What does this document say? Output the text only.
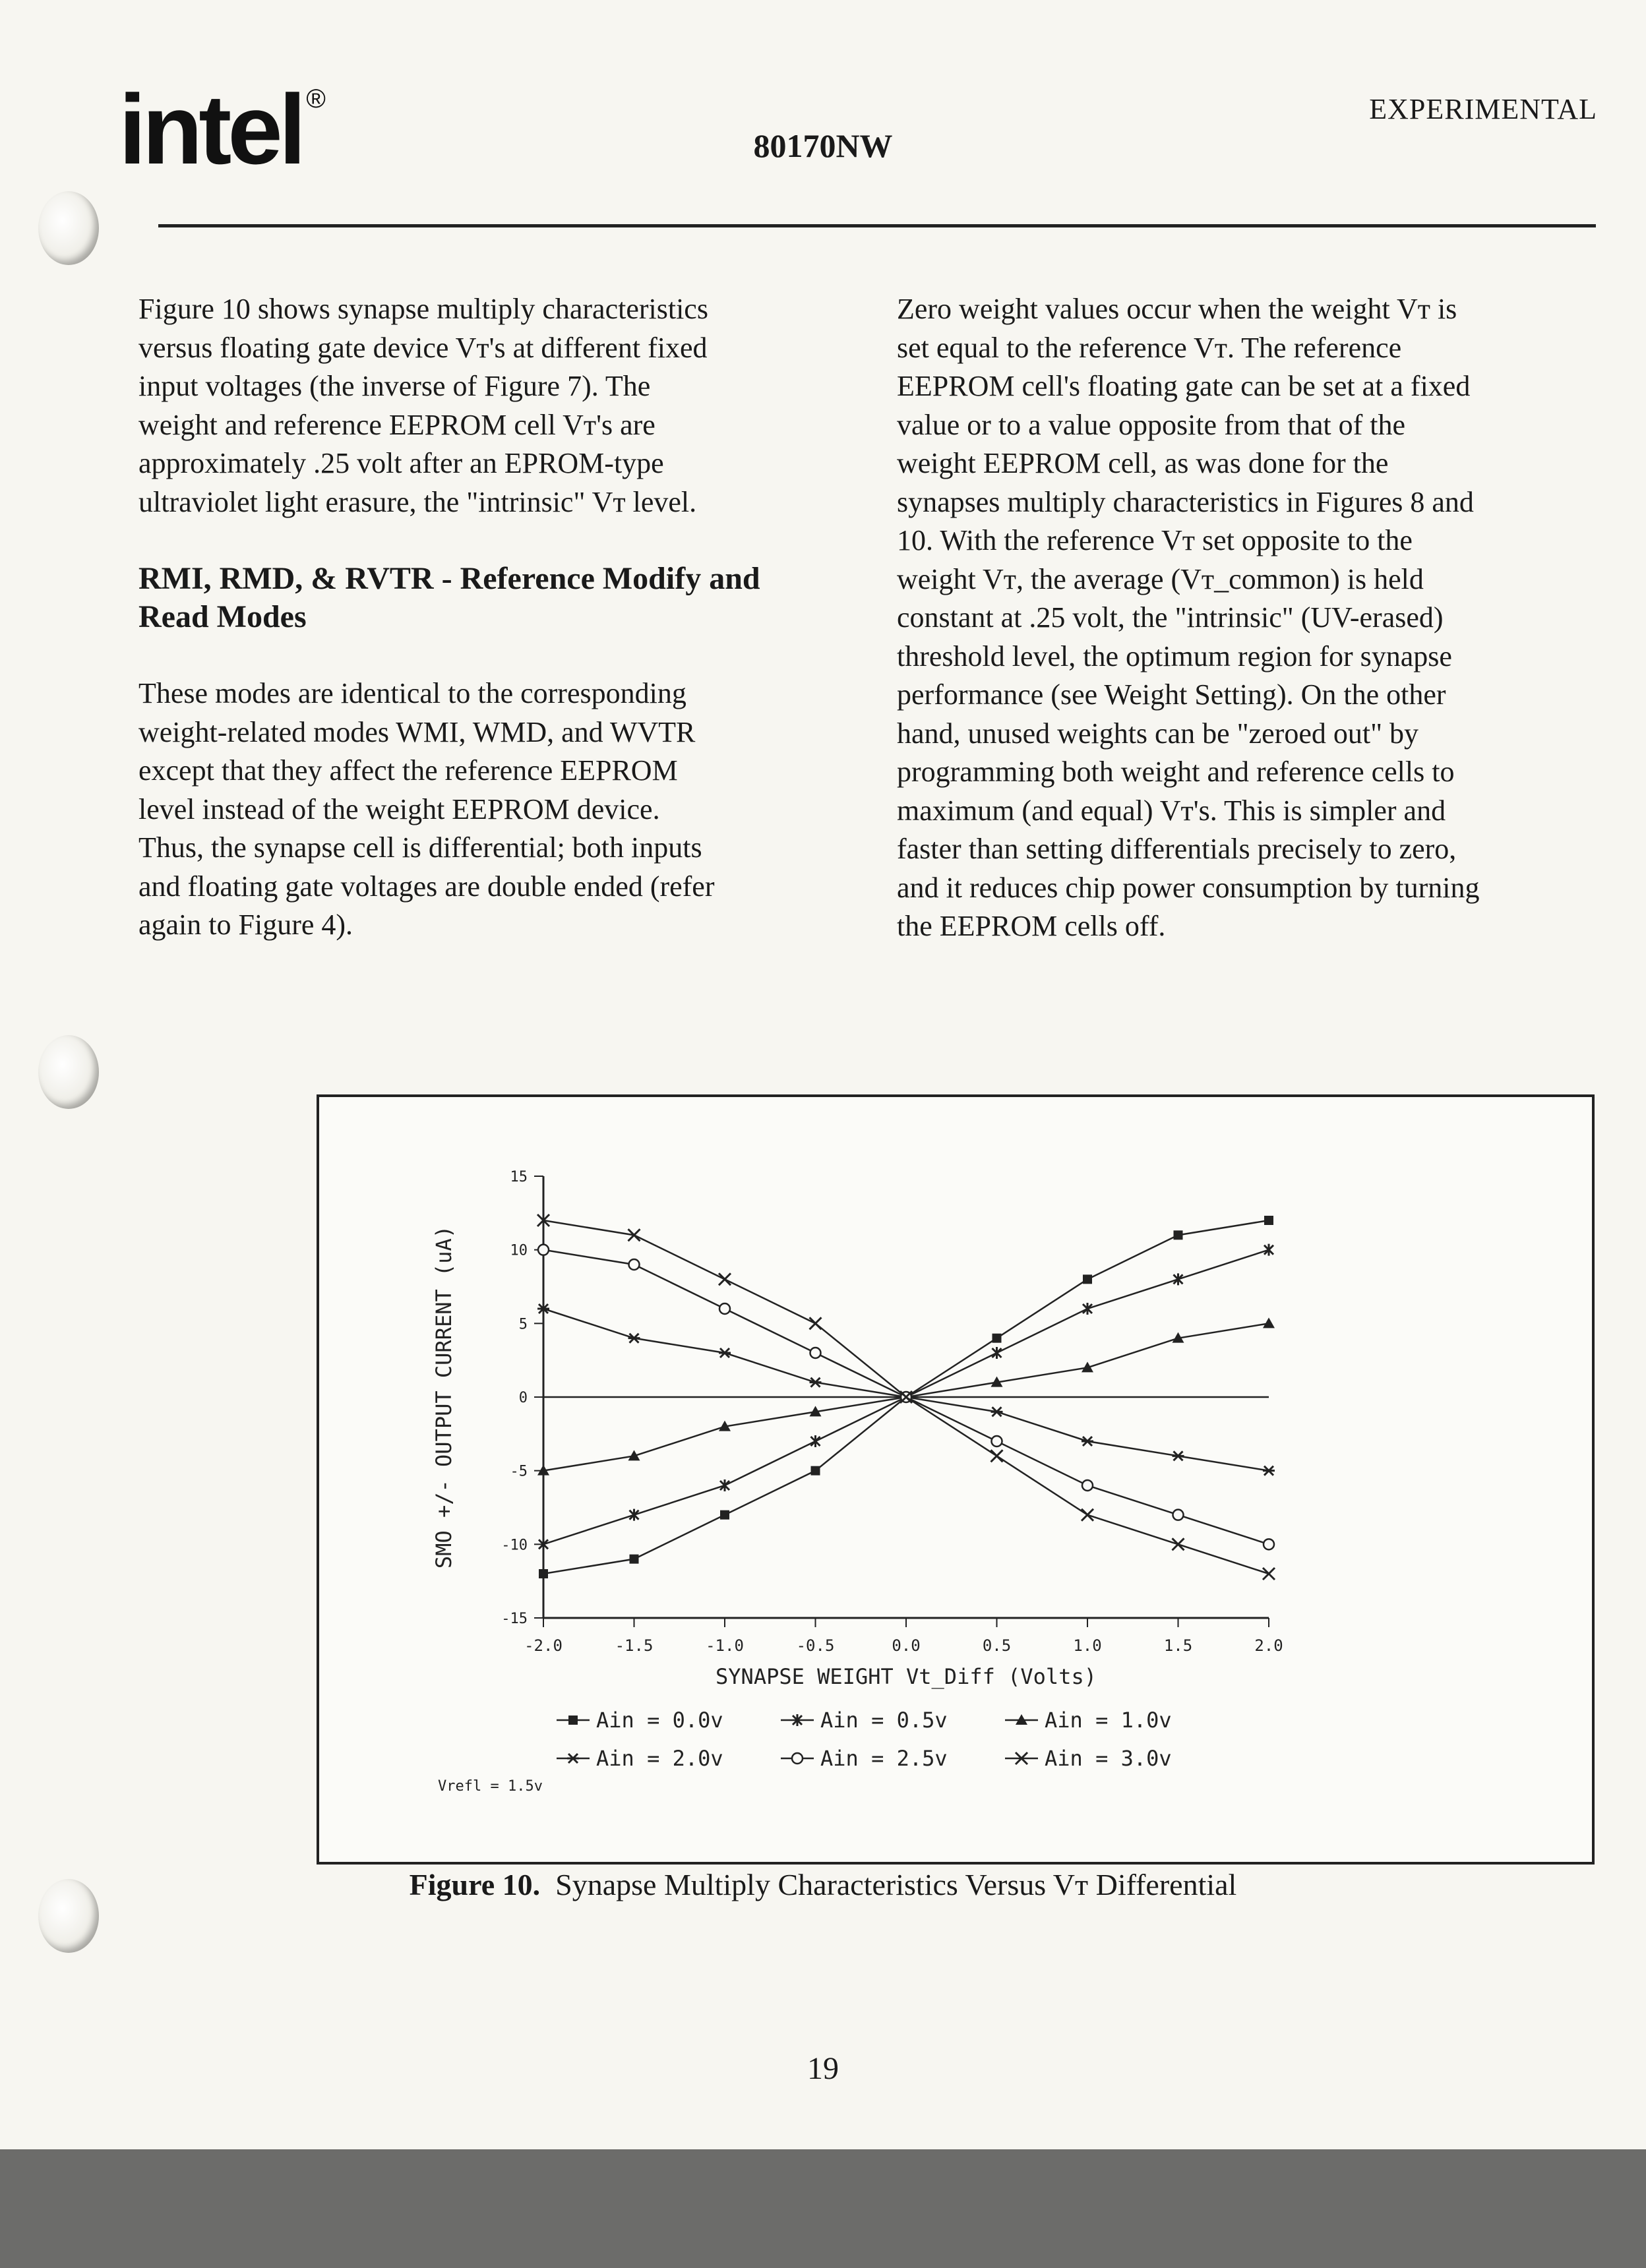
intel ®
80170NW
EXPERIMENTAL

Figure 10 shows synapse multiply characteristics
versus floating gate device Vᴛ's at different fixed
input voltages (the inverse of Figure 7). The
weight and reference EEPROM cell Vᴛ's are
approximately .25 volt after an EPROM-type
ultraviolet light erasure, the "intrinsic" Vᴛ level.

RMI, RMD, & RVTR - Reference Modify and
Read Modes

These modes are identical to the corresponding
weight-related modes WMI, WMD, and WVTR
except that they affect the reference EEPROM
level instead of the weight EEPROM device.
Thus, the synapse cell is differential; both inputs
and floating gate voltages are double ended (refer
again to Figure 4).

Zero weight values occur when the weight Vᴛ is
set equal to the reference Vᴛ. The reference
EEPROM cell's floating gate can be set at a fixed
value or to a value opposite from that of the
weight EEPROM cell, as was done for the
synapses multiply characteristics in Figures 8 and
10. With the reference Vᴛ set opposite to the
weight Vᴛ, the average (Vᴛ_common) is held
constant at .25 volt, the "intrinsic" (UV-erased)
threshold level, the optimum region for synapse
performance (see Weight Setting). On the other
hand, unused weights can be "zeroed out" by
programming both weight and reference cells to
maximum (and equal) Vᴛ's. This is simpler and
faster than setting differentials precisely to zero,
and it reduces chip power consumption by turning
the EEPROM cells off.

15
10
5
0
-5
-10
-15
-2.0	-1.5	-1.0	-0.5	0.0	0.5	1.0	1.5	2.0
SYNAPSE WEIGHT Vt_Diff (Volts)
SMO +/- OUTPUT CURRENT (uA)
Ain = 0.0v	Ain = 0.5v	Ain = 1.0v
Ain = 2.0v	Ain = 2.5v	Ain = 3.0v
Vrefl = 1.5v
Figure 10. Synapse Multiply Characteristics Versus Vᴛ Differential
19
